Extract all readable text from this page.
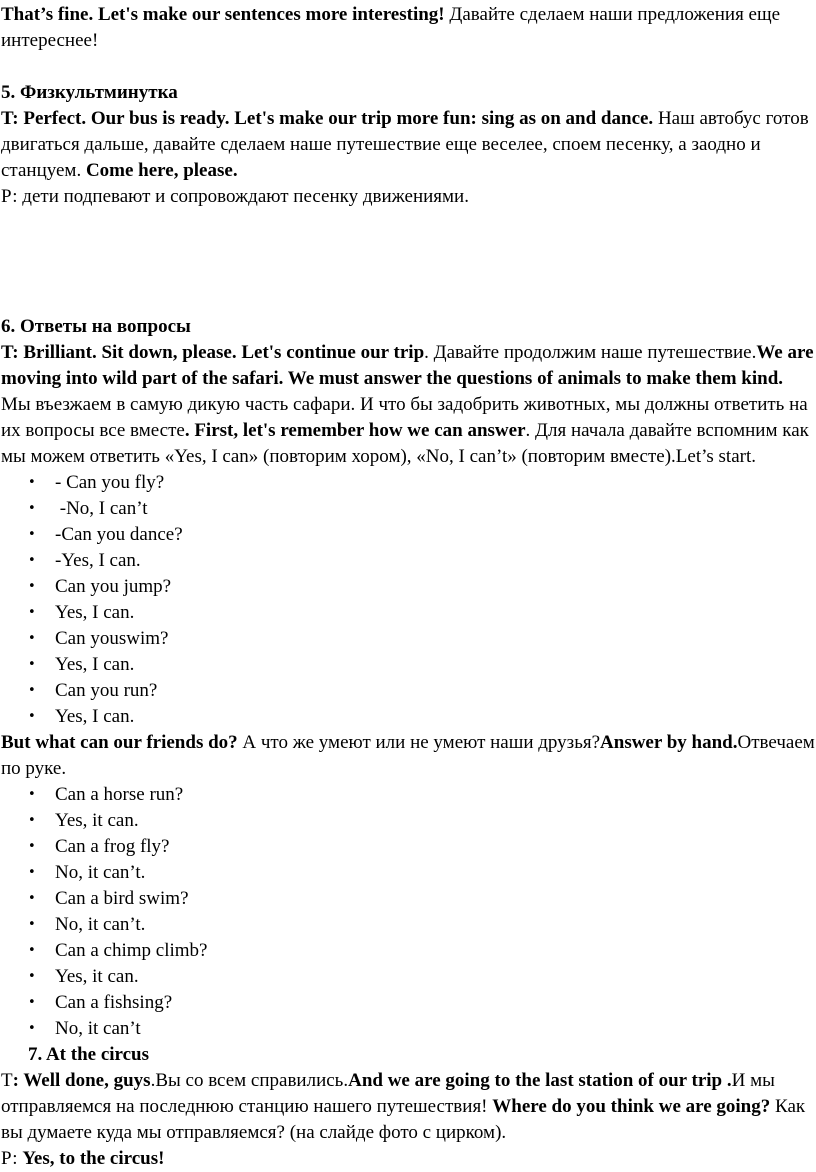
That’s fine. Let's make our sentences more interesting! Давайте сделаем наши предложения еще интереснее!

5. Физкультминутка

T: Perfect. Our bus is ready. Let's make our trip more fun: sing as on and dance. Наш автобус готов двигаться дальше, давайте сделаем наше путешествие еще веселее, споем песенку, а заодно и станцуем. Come here, please.

Р: дети подпевают и сопровождают песенку движениями.

6. Ответы на вопросы

T: Brilliant. Sit down, please. Let's continue our trip. Давайте продолжим наше путешествие.We are moving into wild part of the safari. We must answer the questions of animals to make them kind. Мы въезжаем в самую дикую часть сафари. И что бы задобрить животных, мы должны ответить на их вопросы все вместе. First, let's remember how we can answer. Для начала давайте вспомним как мы можем ответить «Yes, I can» (повторим хором), «No, I can’t» (повторим вместе).Let’s start.

• - Can you fly?
• -No, I can’t
• -Can you dance?
• -Yes, I can.
• Can you jump?
• Yes, I can.
• Can youswim?
• Yes, I can.
• Can you run?
• Yes, I can.

But what can our friends do? А что же умеют или не умеют наши друзья?Answer by hand.Отвечаем по руке.

• Can a horse run?
• Yes, it can.
• Can a frog fly?
• No, it can’t.
• Can a bird swim?
• No, it can’t.
• Can a chimp climb?
• Yes, it can.
• Can a fishsing?
• No, it can’t

7. At the circus

T: Well done, guys.Вы со всем справились.And we are going to the last station of our trip .И мы отправляемся на последнюю станцию нашего путешествия! Where do you think we are going? Как вы думаете куда мы отправляемся? (на слайде фото с цирком).

Р: Yes, to the circus!
